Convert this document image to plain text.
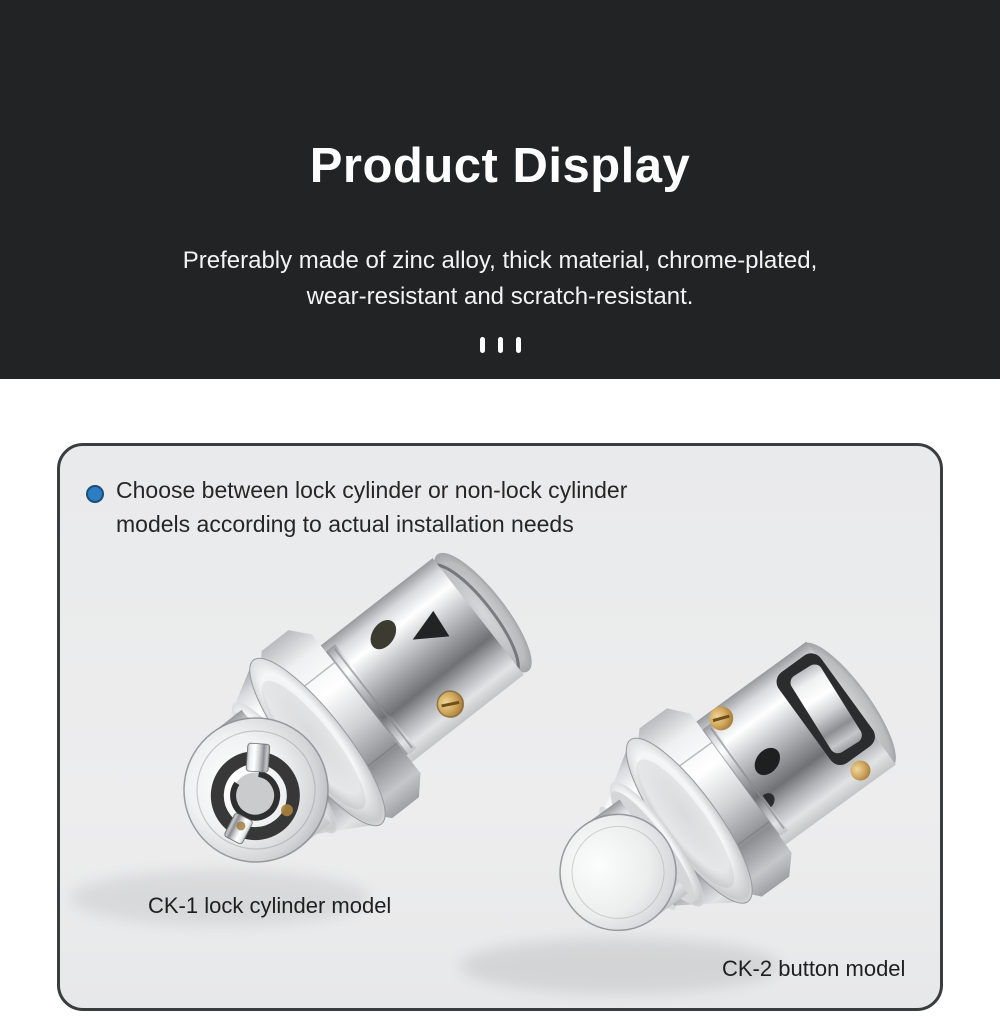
Product Display
Preferably made of zinc alloy, thick material, chrome-plated,
wear-resistant and scratch-resistant.
Choose between lock cylinder or non-lock cylinder
models according to actual installation needs
CK-1 lock cylinder model
CK-2 button model
